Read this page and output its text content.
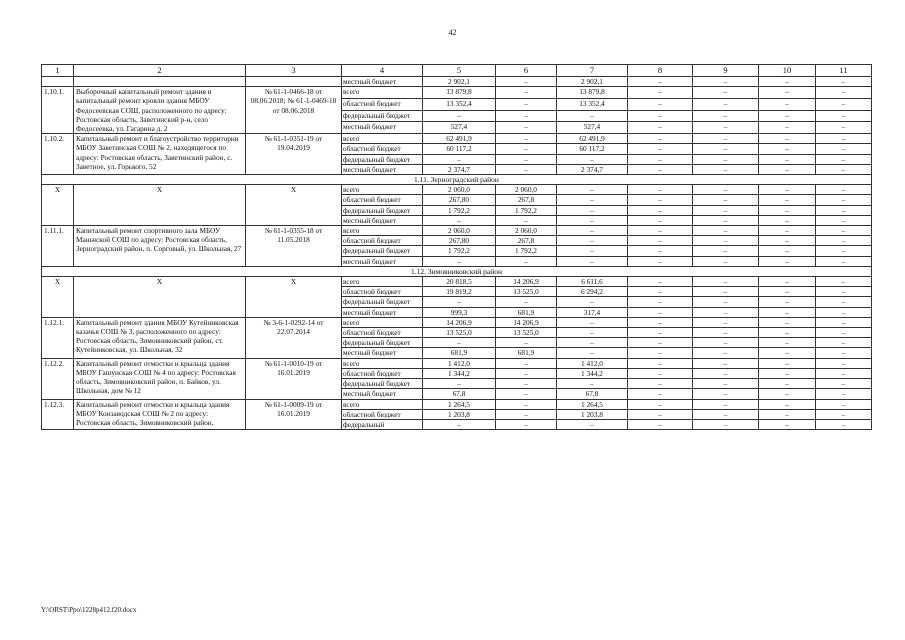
42
1	2	3	4	5	6	7	8	9	10	11
			местный бюджет	2 902,1	–	2 902,1	–	–	–	–
1.10.1.	Выборочный капитальный ремонт здания и капитальный ремонт кровли здания МБОУ Федосеевская СОШ, расположенного по адресу: Ростовская область, Заветинский р-н, село Федосеевка, ул. Гагарина д. 2	№ 61-1-0466-18 от 08.06.2018; № 61-1-0469-18 от 08.06.2018	всего	13 879,8	–	13 879,8	–	–	–	–
			областной бюджет	13 352,4	–	13 352,4	–	–	–	–
			федеральный бюджет	–	–	–	–	–	–	–
			местный бюджет	527,4	–	527,4	–	–	–	–
1.10.2.	Капитальный ремонт и благоустройство территории МБОУ Заветинская СОШ № 2, находящегося по адресу: Ростовская область, Заветинский район, с. Заветное, ул. Горького, 52	№ 61-1-0351-19 от 19.04.2019	всего	62 491,9	–	62 491,9	–	–	–	–
			областной бюджет	60 117,2	–	60 117,2	–	–	–	–
			федеральный бюджет	–	–	–	–	–	–	–
			местный бюджет	2 374,7	–	2 374,7	–	–	–	–
1.11. Зерноградский район										
X	X	X	всего	2 060,0	2 060,0	–	–	–	–	–
			областной бюджет	267,80	267,8	–	–	–	–	–
			федеральный бюджет	1 792,2	1 792,2	–	–	–	–	–
			местный бюджет	–	–	–	–	–	–	–
1.11.1.	Капитальный ремонт спортивного зала МБОУ Маньчской СОШ по адресу: Ростовская область, Зерноградский район, п. Сорговый, ул. Школьная, 27	№ 61-1-0355-18 от 11.05.2018	всего	2 060,0	2 060,0	–	–	–	–	–
			областной бюджет	267,80	267,8	–	–	–	–	–
			федеральный бюджет	1 792,2	1 792,2	–	–	–	–	–
			местный бюджет	–	–	–	–	–	–	–
1.12. Зимовниковский район										
X	X	X	всего	20 818,5	14 206,9	6 611,6	–	–	–	–
			областной бюджет	19 819,2	13 525,0	6 294,2	–	–	–	–
			федеральный бюджет	–	–	–	–	–	–	–
			местный бюджет	999,3	681,9	317,4	–	–	–	–
1.12.1.	Капитальный ремонт здания МБОУ Кутейниковская казачья СОШ № 3, расположенного по адресу: Ростовская область, Зимовниковский район, ст. Кутейниковская, ул. Школьная, 32	№ 3-6-1-0292-14 от 22.07.2014	всего	14 206,9	14 206,9	–	–	–	–	–
			областной бюджет	13 525,0	13 525,0	–	–	–	–	–
			федеральный бюджет	–	–	–	–	–	–	–
			местный бюджет	681,9	681,9	–	–	–	–	–
1.12.2.	Капитальный ремонт отмостки и крыльца здания МБОУ Гашунская СОШ № 4 по адресу: Ростовская область, Зимовниковский район, п. Байков, ул. Школьная, дом № 12	№ 61-1-0010-19 от 16.01.2019	всего	1 412,0	–	1 412,0	–	–	–	–
			областной бюджет	1 344,2	–	1 344,2	–	–	–	–
			федеральный бюджет	–	–	–	–	–	–	–
			местный бюджет	67,8	–	67,8	–	–	–	–
1.12.3.	Капитальный ремонт отмостки и крыльца здания МБОУ Конзаводская СОШ № 2 по адресу: Ростовская область, Зимовниковский район,	№ 61-1-0009-19 от 16.01.2019	всего	1 264,5	–	1 264,5	–	–	–	–
			областной бюджет	1 203,8	–	1 203,8	–	–	–	–
			федеральный	–	–	–	–	–	–	–
Y:\ORST\Ppo\1228p412.f20.docx
